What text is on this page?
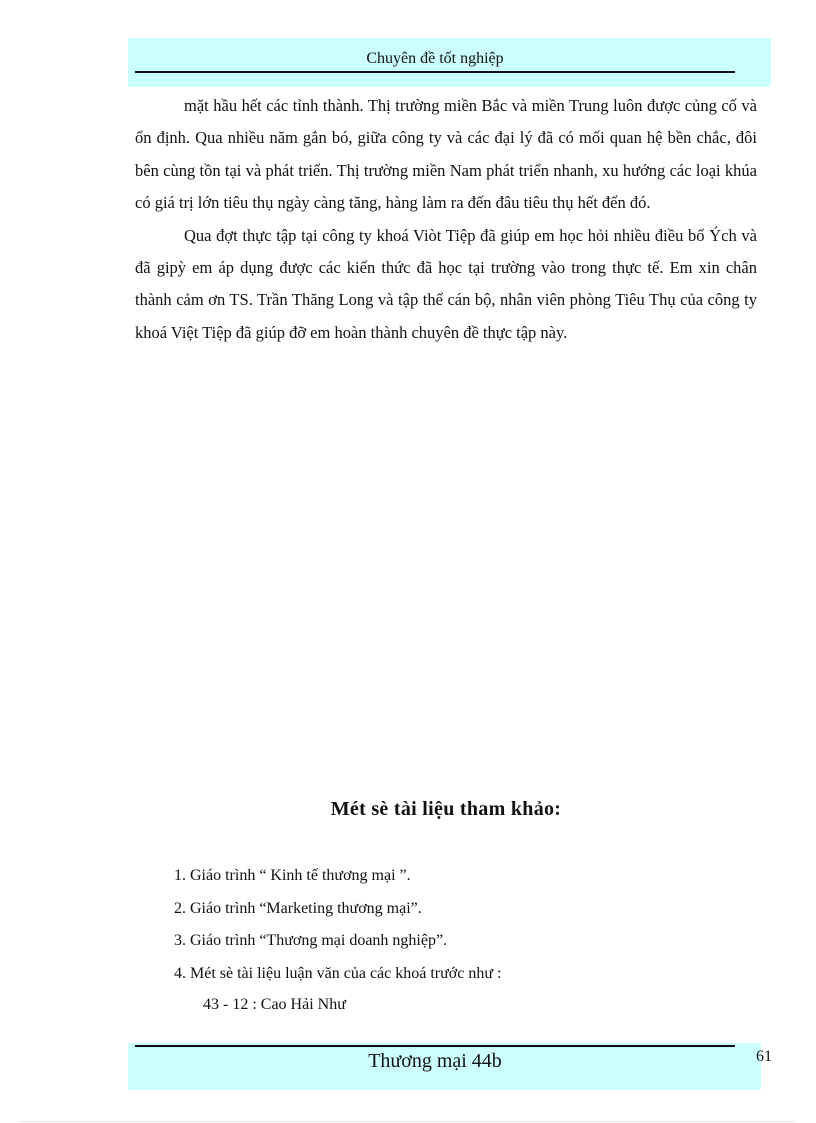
Chuyên đề tốt nghiệp

mặt hầu hết các tỉnh thành. Thị trường miền Bắc và miền Trung luôn được củng cố và ổn định. Qua nhiều năm gắn bó, giữa công ty và các đại lý đã có mối quan hệ bền chắc, đôi bên cùng tồn tại và phát triển. Thị trường miền Nam phát triển nhanh, xu hướng các loại khúa có giá trị lớn tiêu thụ ngày càng tăng, hàng làm ra đến đâu tiêu thụ hết đến đó.

Qua đợt thực tập tại công ty khoá Viòt Tiệp đã giúp em học hỏi nhiều điều bổ Ých và đã gipỳ em áp dụng được các kiến thức đã học tại trường vào trong thực tế. Em xin chân thành cảm ơn TS. Trần Thăng Long và tập thể cán bộ, nhân viên phòng Tiêu Thụ của công ty khoá Việt Tiệp đã giúp đỡ em hoàn thành chuyên đề thực tập này.

Mét sè tài liệu tham khảo:
1. Giáo trình “ Kinh tế thương mại ”.
2. Giáo trình “Marketing thương mại”.
3. Giáo trình “Thương mại doanh nghiệp”.
4. Mét sè tài liệu luận văn của các khoá trước như :
43 - 12 : Cao Hải Như
Thương mại 44b	61
